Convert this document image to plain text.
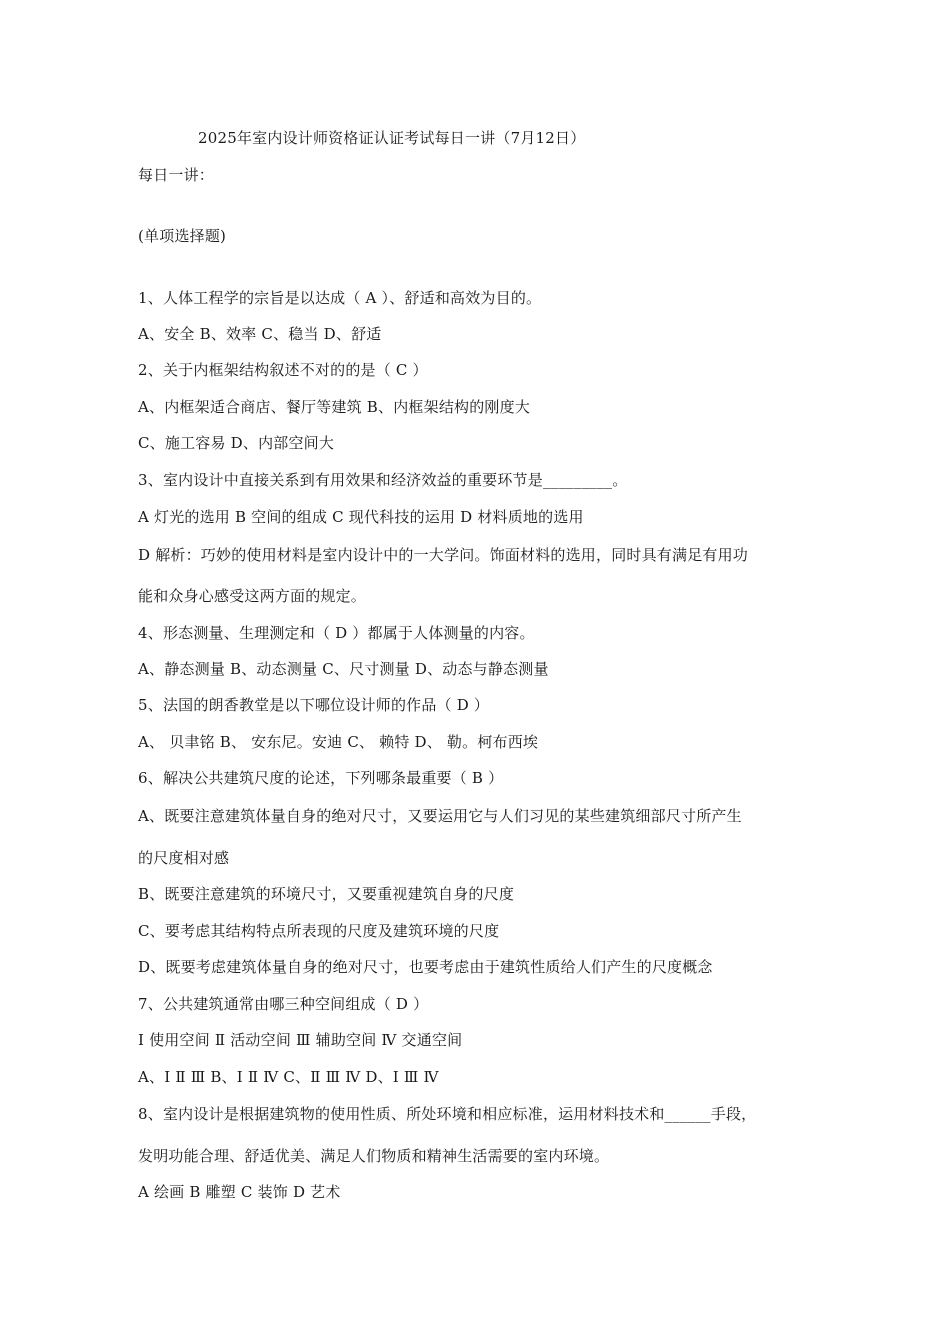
2025年室内设计师资格证认证考试每日一讲（7月12日）
每日一讲：
(单项选择题)
1、人体工程学的宗旨是以达成（ A ）、舒适和高效为目的。
A、安全 B、效率 C、稳当 D、舒适
2、关于内框架结构叙述不对的的是（ C ）
A、内框架适合商店、餐厅等建筑 B、内框架结构的刚度大
C、施工容易 D、内部空间大
3、室内设计中直接关系到有用效果和经济效益的重要环节是_________。
A 灯光的选用 B 空间的组成 C 现代科技的运用 D 材料质地的选用
D 解析：巧妙的使用材料是室内设计中的一大学问。饰面材料的选用，同时具有满足有用功
能和众身心感受这两方面的规定。
4、形态测量、生理测定和（ D ）都属于人体测量的内容。
A、静态测量 B、动态测量 C、尺寸测量 D、动态与静态测量
5、法国的朗香教堂是以下哪位设计师的作品（ D ）
A、 贝聿铭 B、 安东尼。安迪 C、 赖特 D、 勒。柯布西埃
6、解决公共建筑尺度的论述，下列哪条最重要（ B ）
A、既要注意建筑体量自身的绝对尺寸，又要运用它与人们习见的某些建筑细部尺寸所产生
的尺度相对感
B、既要注意建筑的环境尺寸，又要重视建筑自身的尺度
C、要考虑其结构特点所表现的尺度及建筑环境的尺度
D、既要考虑建筑体量自身的绝对尺寸，也要考虑由于建筑性质给人们产生的尺度概念
7、公共建筑通常由哪三种空间组成（ D ）
Ⅰ 使用空间 Ⅱ 活动空间 Ⅲ 辅助空间 Ⅳ 交通空间
A、Ⅰ Ⅱ Ⅲ B、Ⅰ Ⅱ Ⅳ C、Ⅱ Ⅲ Ⅳ D、Ⅰ Ⅲ Ⅳ
8、室内设计是根据建筑物的使用性质、所处环境和相应标准，运用材料技术和______手段，
发明功能合理、舒适优美、满足人们物质和精神生活需要的室内环境。
A 绘画 B 雕塑 C 装饰 D 艺术
